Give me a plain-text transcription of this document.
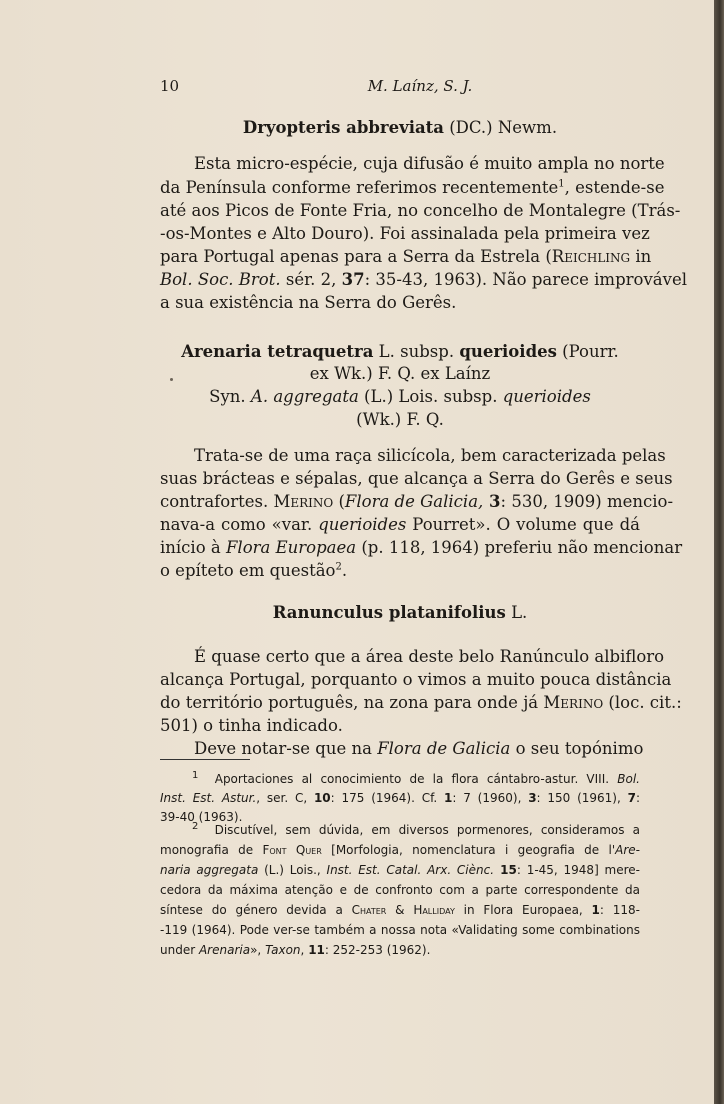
10	M. Laínz, S. J.
Dryopteris abbreviata (DC.) Newm.
Esta micro-espécie, cuja difusão é muito ampla no norte
da Península conforme referimos recentemente$^1$, estende-se
até aos Picos de Fonte Fria, no concelho de Montalegre (Trás-
-os-Montes e Alto Douro). Foi assinalada pela primeira vez
para Portugal apenas para a Serra da Estrela (Reichling in
Bol. Soc. Brot. sér. 2, 37: 35-43, 1963). Não parece improvável
a sua existência na Serra do Gerês.
Arenaria tetraquetra L. subsp. querioides (Pourr.
ex Wk.) F. Q. ex Laínz
Syn. A. aggregata (L.) Lois. subsp. querioides
(Wk.) F. Q.
Trata-se de uma raça silicícola, bem caracterizada pelas
suas brácteas e sépalas, que alcança a Serra do Gerês e seus
contrafortes. Merino (Flora de Galicia, 3: 530, 1909) mencio-
nava-a como «var. querioides Pourret». O volume que dá
início à Flora Europaea (p. 118, 1964) preferiu não mencionar
o epíteto em questão$^2$.
Ranunculus platanifolius L.
É quase certo que a área deste belo Ranúnculo albifloro
alcança Portugal, porquanto o vimos a muito pouca distância
do território português, na zona para onde já Merino (loc. cit.:
501) o tinha indicado.
Deve notar-se que na Flora de Galicia o seu topónimo
$^1$ Aportaciones al conocimiento de la flora cántabro-astur. VIII. Bol.
Inst. Est. Astur., ser. C, 10: 175 (1964). Cf. 1: 7 (1960), 3: 150 (1961), 7:
39-40 (1963).
$^2$ Discutível, sem dúvida, em diversos pormenores, consideramos a
monografia de Font Quer [Morfologia, nomenclatura i geografia de l'Are-
naria aggregata (L.) Lois., Inst. Est. Catal. Arx. Ciènc. 15: 1-45, 1948] mere-
cedora da máxima atenção e de confronto com a parte correspondente da
síntese do género devida a Chater & Halliday in Flora Europaea, 1: 118-
-119 (1964). Pode ver-se também a nossa nota «Validating some combinations
under Arenaria», Taxon, 11: 252-253 (1962).
